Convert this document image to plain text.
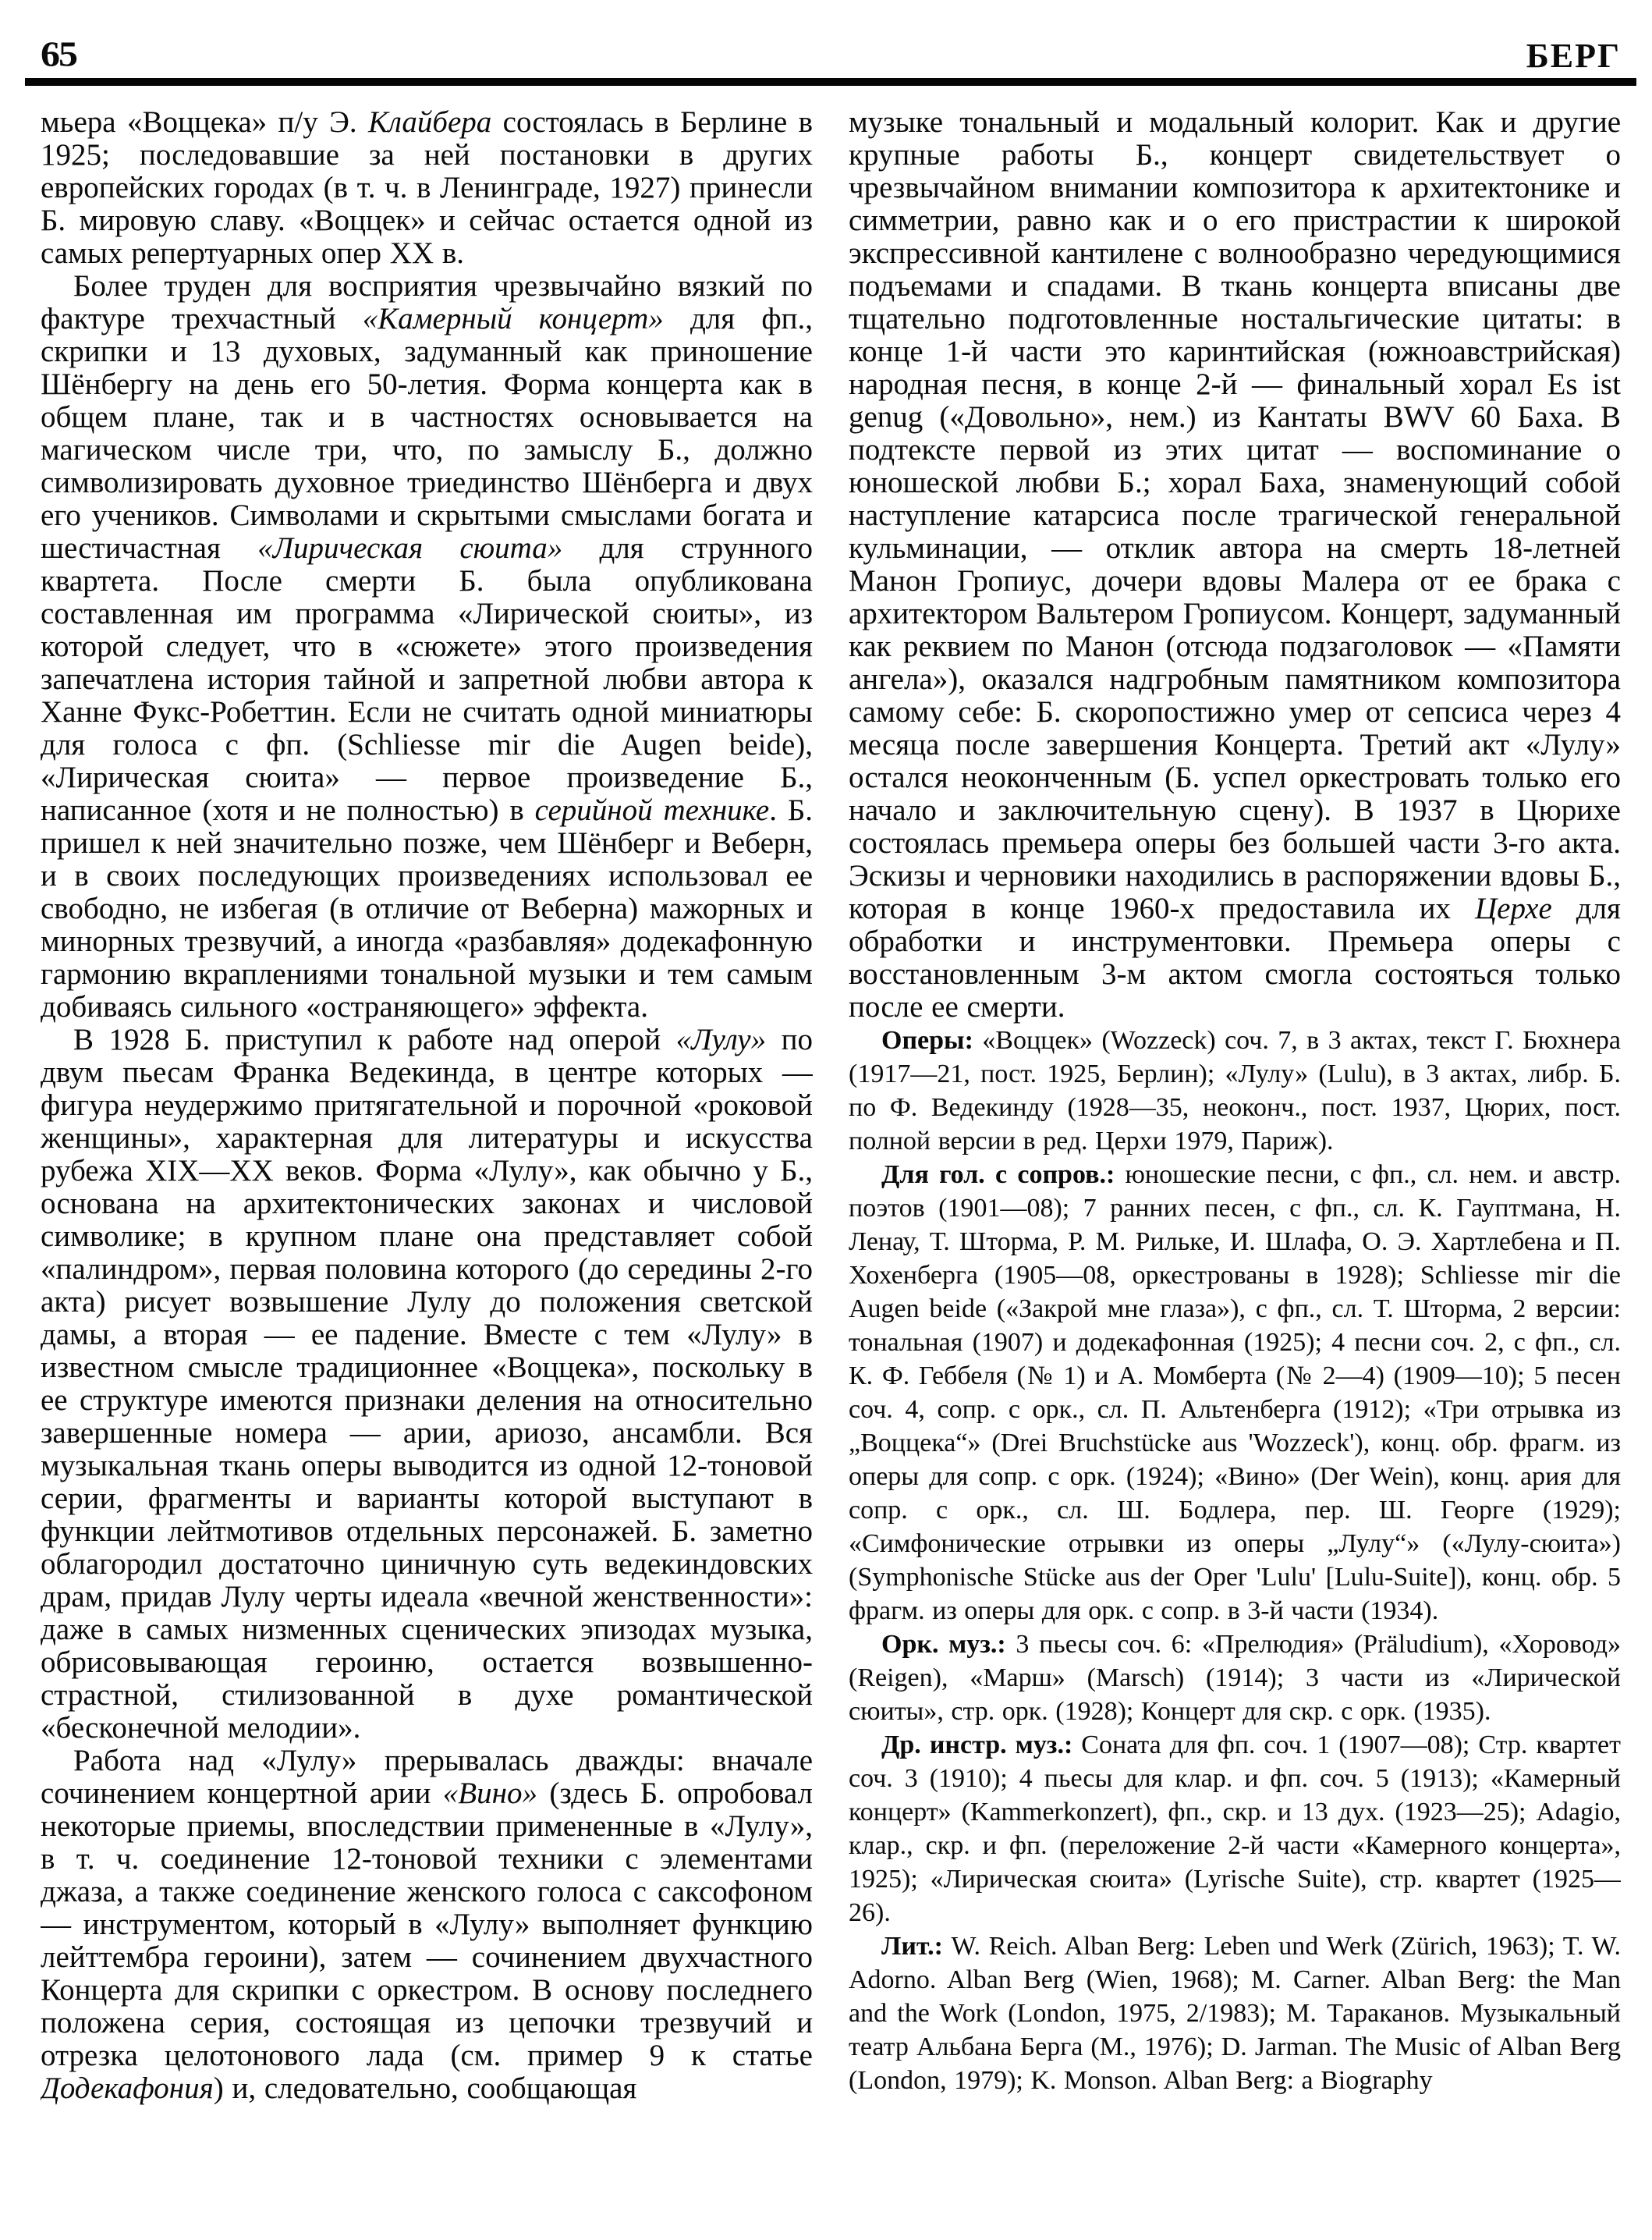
65	БЕРГ

мьера «Воццека» п/у Э. Клайбера состоялась в Берлине в 1925; последовавшие за ней постановки в других европейских городах (в т. ч. в Ленинграде, 1927) принесли Б. мировую славу. «Воццек» и сейчас остается одной из самых репертуарных опер XX в.

Более труден для восприятия чрезвычайно вязкий по фактуре трехчастный «Камерный концерт» для фп., скрипки и 13 духовых, задуманный как приношение Шёнбергу на день его 50-летия. Форма концерта как в общем плане, так и в частностях основывается на магическом числе три, что, по замыслу Б., должно символизировать духовное триединство Шёнберга и двух его учеников. Символами и скрытыми смыслами богата и шестичастная «Лирическая сюита» для струнного квартета. После смерти Б. была опубликована составленная им программа «Лирической сюиты», из которой следует, что в «сюжете» этого произведения запечатлена история тайной и запретной любви автора к Ханне Фукс-Робеттин. Если не считать одной миниатюры для голоса с фп. (Schliesse mir die Augen beide), «Лирическая сюита» — первое произведение Б., написанное (хотя и не полностью) в серийной технике. Б. пришел к ней значительно позже, чем Шёнберг и Веберн, и в своих последующих произведениях использовал ее свободно, не избегая (в отличие от Веберна) мажорных и минорных трезвучий, а иногда «разбавляя» додекафонную гармонию вкраплениями тональной музыки и тем самым добиваясь сильного «остраняющего» эффекта.

В 1928 Б. приступил к работе над оперой «Лулу» по двум пьесам Франка Ведекинда, в центре которых — фигура неудержимо притягательной и порочной «роковой женщины», характерная для литературы и искусства рубежа XIX—XX веков. Форма «Лулу», как обычно у Б., основана на архитектонических законах и числовой символике; в крупном плане она представляет собой «палиндром», первая половина которого (до середины 2-го акта) рисует возвышение Лулу до положения светской дамы, а вторая — ее падение. Вместе с тем «Лулу» в известном смысле традиционнее «Воццека», поскольку в ее структуре имеются признаки деления на относительно завершенные номера — арии, ариозо, ансамбли. Вся музыкальная ткань оперы выводится из одной 12-тоновой серии, фрагменты и варианты которой выступают в функции лейтмотивов отдельных персонажей. Б. заметно облагородил достаточно циничную суть ведекиндовских драм, придав Лулу черты идеала «вечной женственности»: даже в самых низменных сценических эпизодах музыка, обрисовывающая героиню, остается возвышенно-страстной, стилизованной в духе романтической «бесконечной мелодии».

Работа над «Лулу» прерывалась дважды: вначале сочинением концертной арии «Вино» (здесь Б. опробовал некоторые приемы, впоследствии примененные в «Лулу», в т. ч. соединение 12-тоновой техники с элементами джаза, а также соединение женского голоса с саксофоном — инструментом, который в «Лулу» выполняет функцию лейттембра героини), затем — сочинением двухчастного Концерта для скрипки с оркестром. В основу последнего положена серия, состоящая из цепочки трезвучий и отрезка целотонового лада (см. пример 9 к статье Додекафония) и, следовательно, сообщающая

музыке тональный и модальный колорит. Как и другие крупные работы Б., концерт свидетельствует о чрезвычайном внимании композитора к архитектонике и симметрии, равно как и о его пристрастии к широкой экспрессивной кантилене с волнообразно чередующимися подъемами и спадами. В ткань концерта вписаны две тщательно подготовленные ностальгические цитаты: в конце 1-й части это каринтийская (южноавстрийская) народная песня, в конце 2-й — финальный хорал Es ist genug («Довольно», нем.) из Кантаты BWV 60 Баха. В подтексте первой из этих цитат — воспоминание о юношеской любви Б.; хорал Баха, знаменующий собой наступление катарсиса после трагической генеральной кульминации, — отклик автора на смерть 18-летней Манон Гропиус, дочери вдовы Малера от ее брака с архитектором Вальтером Гропиусом. Концерт, задуманный как реквием по Манон (отсюда подзаголовок — «Памяти ангела»), оказался надгробным памятником композитора самому себе: Б. скоропостижно умер от сепсиса через 4 месяца после завершения Концерта. Третий акт «Лулу» остался неоконченным (Б. успел оркестровать только его начало и заключительную сцену). В 1937 в Цюрихе состоялась премьера оперы без большей части 3-го акта. Эскизы и черновики находились в распоряжении вдовы Б., которая в конце 1960-х предоставила их Церхе для обработки и инструментовки. Премьера оперы с восстановленным 3-м актом смогла состояться только после ее смерти.

Оперы: «Воццек» (Wozzeck) соч. 7, в 3 актах, текст Г. Бюхнера (1917—21, пост. 1925, Берлин); «Лулу» (Lulu), в 3 актах, либр. Б. по Ф. Ведекинду (1928—35, неоконч., пост. 1937, Цюрих, пост. полной версии в ред. Церхи 1979, Париж).

Для гол. с сопров.: юношеские песни, с фп., сл. нем. и австр. поэтов (1901—08); 7 ранних песен, с фп., сл. К. Гауптмана, Н. Ленау, Т. Шторма, Р. М. Рильке, И. Шлафа, О. Э. Хартлебена и П. Хохенберга (1905—08, оркестрованы в 1928); Schliesse mir die Augen beide («Закрой мне глаза»), с фп., сл. Т. Шторма, 2 версии: тональная (1907) и додекафонная (1925); 4 песни соч. 2, с фп., сл. К. Ф. Геббеля (№ 1) и А. Момберта (№ 2—4) (1909—10); 5 песен соч. 4, сопр. с орк., сл. П. Альтенберга (1912); «Три отрывка из „Воццека“» (Drei Bruchstücke aus 'Wozzeck'), конц. обр. фрагм. из оперы для сопр. с орк. (1924); «Вино» (Der Wein), конц. ария для сопр. с орк., сл. Ш. Бодлера, пер. Ш. Георге (1929); «Симфонические отрывки из оперы „Лулу“» («Лулу-сюита») (Symphonische Stücke aus der Oper 'Lulu' [Lulu-Suite]), конц. обр. 5 фрагм. из оперы для орк. с сопр. в 3-й части (1934).

Орк. муз.: 3 пьесы соч. 6: «Прелюдия» (Präludium), «Хоровод» (Reigen), «Марш» (Marsch) (1914); 3 части из «Лирической сюиты», стр. орк. (1928); Концерт для скр. с орк. (1935).

Др. инстр. муз.: Соната для фп. соч. 1 (1907—08); Стр. квартет соч. 3 (1910); 4 пьесы для клар. и фп. соч. 5 (1913); «Камерный концерт» (Kammerkonzert), фп., скр. и 13 дух. (1923—25); Adagio, клар., скр. и фп. (переложение 2-й части «Камерного концерта», 1925); «Лирическая сюита» (Lyrische Suite), стр. квартет (1925—26).

Лит.: W. Reich. Alban Berg: Leben und Werk (Zürich, 1963); T. W. Adorno. Alban Berg (Wien, 1968); M. Carner. Alban Berg: the Man and the Work (London, 1975, 2/1983); М. Тараканов. Музыкальный театр Альбана Берга (М., 1976); D. Jarman. The Music of Alban Berg (London, 1979); K. Monson. Alban Berg: a Biography
